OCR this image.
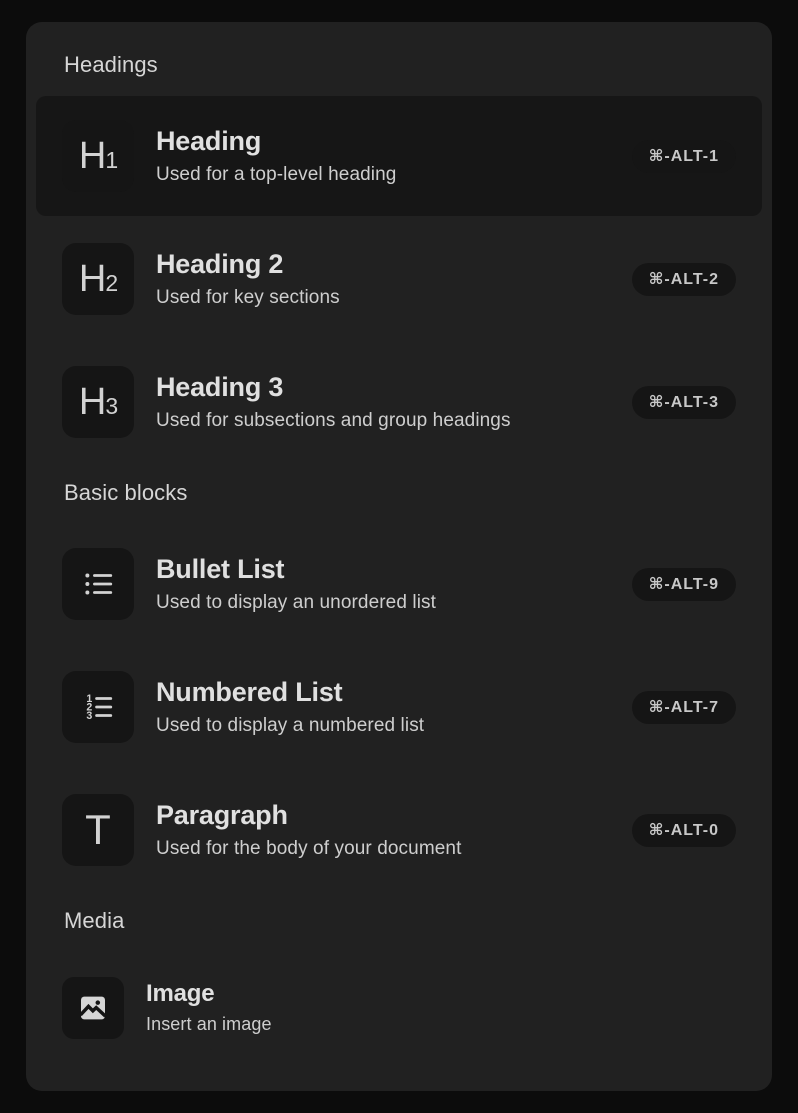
Headings
H1
Heading
Used for a top-level heading
⌘-ALT-1
H2
Heading 2
Used for key sections
⌘-ALT-2
H3
Heading 3
Used for subsections and group headings
⌘-ALT-3
Basic blocks
Bullet List
Used to display an unordered list
⌘-ALT-9
1
2
3
Numbered List
Used to display a numbered list
⌘-ALT-7
T Paragraph
Used for the body of your document
⌘-ALT-0
Media
Image
Insert an image
